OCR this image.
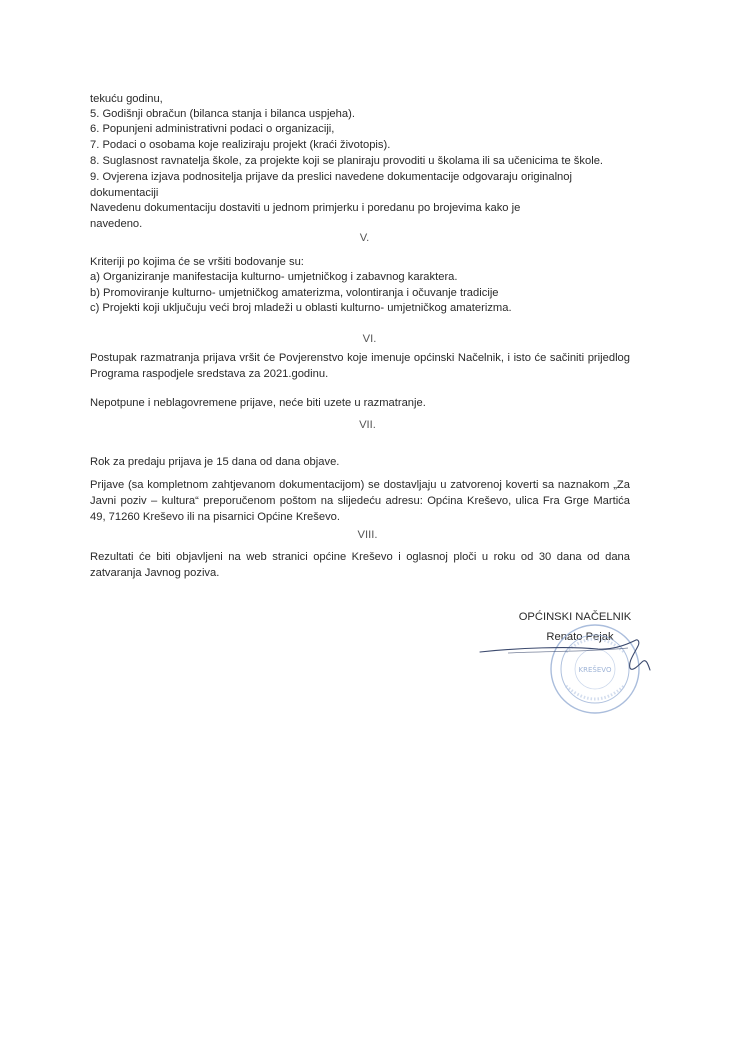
tekuću godinu,
5. Godišnji obračun (bilanca stanja i bilanca uspjeha).
6. Popunjeni administrativni podaci o organizaciji,
7. Podaci o osobama koje realiziraju projekt (kraći životopis).
8. Suglasnost ravnatelja škole, za projekte koji se planiraju provoditi u školama ili sa učenicima te škole.
9. Ovjerena izjava podnositelja prijave da preslici navedene dokumentacije odgovaraju originalnoj
dokumentaciji
Navedenu dokumentaciju dostaviti u jednom primjerku i poredanu po brojevima kako je
navedeno.
V.
Kriteriji po kojima će se vršiti bodovanje su:
a) Organiziranje manifestacija kulturno- umjetničkog i zabavnog karaktera.
b) Promoviranje kulturno- umjetničkog amaterizma, volontiranja i očuvanje tradicije
c) Projekti koji uključuju veći broj mladeži u oblasti kulturno- umjetničkog amaterizma.
VI.
Postupak razmatranja prijava vršit će Povjerenstvo koje imenuje općinski Načelnik, i isto će sačiniti prijedlog Programa raspodjele sredstava za 2021.godinu.
Nepotpune i neblagovremene prijave, neće biti uzete u razmatranje.
VII.
Rok za predaju prijava je 15 dana od dana objave.
Prijave (sa kompletnom zahtjevanom dokumentacijom) se dostavljaju u zatvorenoj koverti sa naznakom „Za Javni poziv – kultura“ preporučenom poštom na slijedeću adresu: Općina Kreševo, ulica Fra Grge Martića 49, 71260 Kreševo ili na pisarnici Općine Kreševo.
VIII.
Rezultati će biti objavljeni na web stranici općine Kreševo i oglasnoj ploči u roku od 30 dana od dana zatvaranja Javnog poziva.
OPĆINSKI NAČELNIK
Renato Pejak
KREŠEVO
